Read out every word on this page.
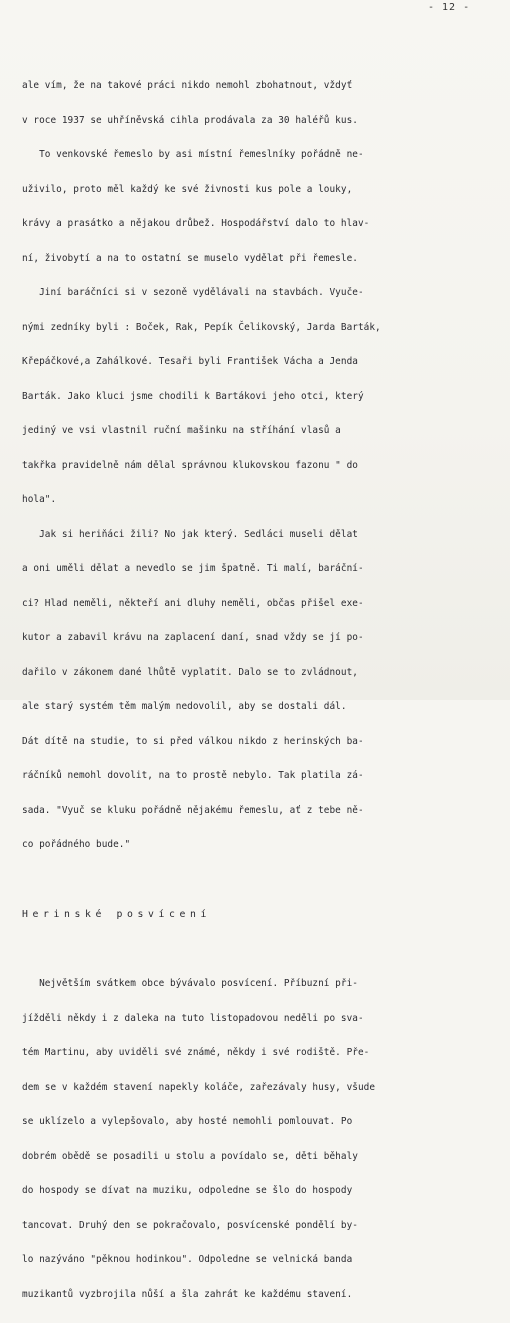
- 12 -

ale vím, že na takové práci nikdo nemohl zbohatnout, vždyť

v roce 1937 se uhříněvská cihla prodávala za 30 haléřů kus.

To venkovské řemeslo by asi místní řemeslníky pořádně ne-

uživilo, proto měl každý ke své živnosti kus pole a louky,

krávy a prasátko a nějakou drůbež. Hospodářství dalo to hlav-

ní, živobytí a na to ostatní se muselo vydělat při řemesle.

Jiní baráčníci si v sezoně vydělávali na stavbách. Vyuče-

nými zedníky byli : Boček, Rak, Pepík Čelikovský, Jarda Barták,

Křepáčkové,a Zahálkové. Tesaři byli František Vácha a Jenda

Barták. Jako kluci jsme chodili k Bartákovi jeho otci, který

jediný ve vsi vlastnil ruční mašinku na stříhání vlasů a

takřka pravidelně nám dělal správnou klukovskou fazonu " do

hola".

Jak si heriňáci žili? No jak který. Sedláci museli dělat

a oni uměli dělat a nevedlo se jim špatně. Ti malí, baráční-

ci? Hlad neměli, někteří ani dluhy neměli, občas přišel exe-

kutor a zabavil krávu na zaplacení daní, snad vždy se jí po-

dařilo v zákonem dané lhůtě vyplatit. Dalo se to zvládnout,

ale starý systém těm malým nedovolil, aby se dostali dál.

Dát dítě na studie, to si před válkou nikdo z herinských ba-

ráčníků nemohl dovolit, na to prostě nebylo. Tak platila zá-

sada. "Vyuč se kluku pořádně nějakému řemeslu, ať z tebe ně-

co pořádného bude."

Herinské posvícení

Největším svátkem obce bývávalo posvícení. Příbuzní při-

jížděli někdy i z daleka na tuto listopadovou neděli po sva-

tém Martinu, aby uviděli své známé, někdy i své rodiště. Pře-

dem se v každém stavení napekly koláče, zařezávaly husy, všude

se uklízelo a vylepšovalo, aby hosté nemohli pomlouvat. Po

dobrém obědě se posadili u stolu a povídalo se, děti běhaly

do hospody se dívat na muziku, odpoledne se šlo do hospody

tancovat. Druhý den se pokračovalo, posvícenské pondělí by-

lo nazýváno "pěknou hodinkou". Odpoledne se velnická banda

muzikantů vyzbrojila nůší a šla zahrát ke každému stavení.
